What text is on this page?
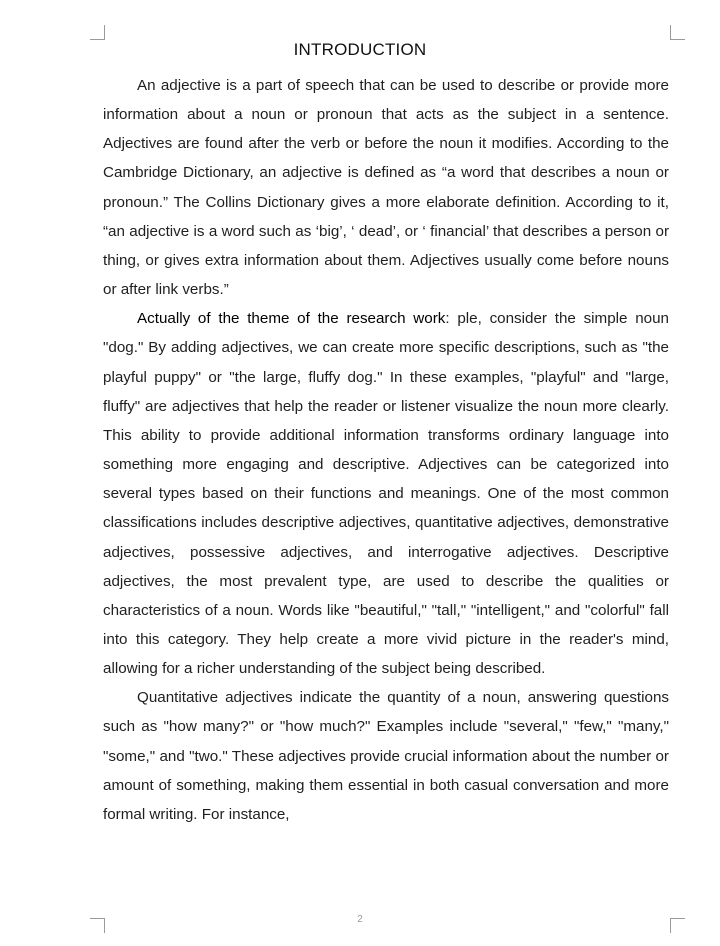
INTRODUCTION

An adjective is a part of speech that can be used to describe or provide more information about a noun or pronoun that acts as the subject in a sentence. Adjectives are found after the verb or before the noun it modifies. According to the Cambridge Dictionary, an adjective is defined as “a word that describes a noun or pronoun.” The Collins Dictionary gives a more elaborate definition. According to it, “an adjective is a word such as ‘big’, ‘ dead’, or ‘ financial’ that describes a person or thing, or gives extra information about them. Adjectives usually come before nouns or after link verbs.”

Actually of the theme of the research work: ple, consider the simple noun "dog." By adding adjectives, we can create more specific descriptions, such as "the playful puppy" or "the large, fluffy dog." In these examples, "playful" and "large, fluffy" are adjectives that help the reader or listener visualize the noun more clearly. This ability to provide additional information transforms ordinary language into something more engaging and descriptive. Adjectives can be categorized into several types based on their functions and meanings. One of the most common classifications includes descriptive adjectives, quantitative adjectives, demonstrative adjectives, possessive adjectives, and interrogative adjectives. Descriptive adjectives, the most prevalent type, are used to describe the qualities or characteristics of a noun. Words like "beautiful," "tall," "intelligent," and "colorful" fall into this category. They help create a more vivid picture in the reader's mind, allowing for a richer understanding of the subject being described.

Quantitative adjectives indicate the quantity of a noun, answering questions such as "how many?" or "how much?" Examples include "several," "few," "many," "some," and "two." These adjectives provide crucial information about the number or amount of something, making them essential in both casual conversation and more formal writing. For instance,

2
